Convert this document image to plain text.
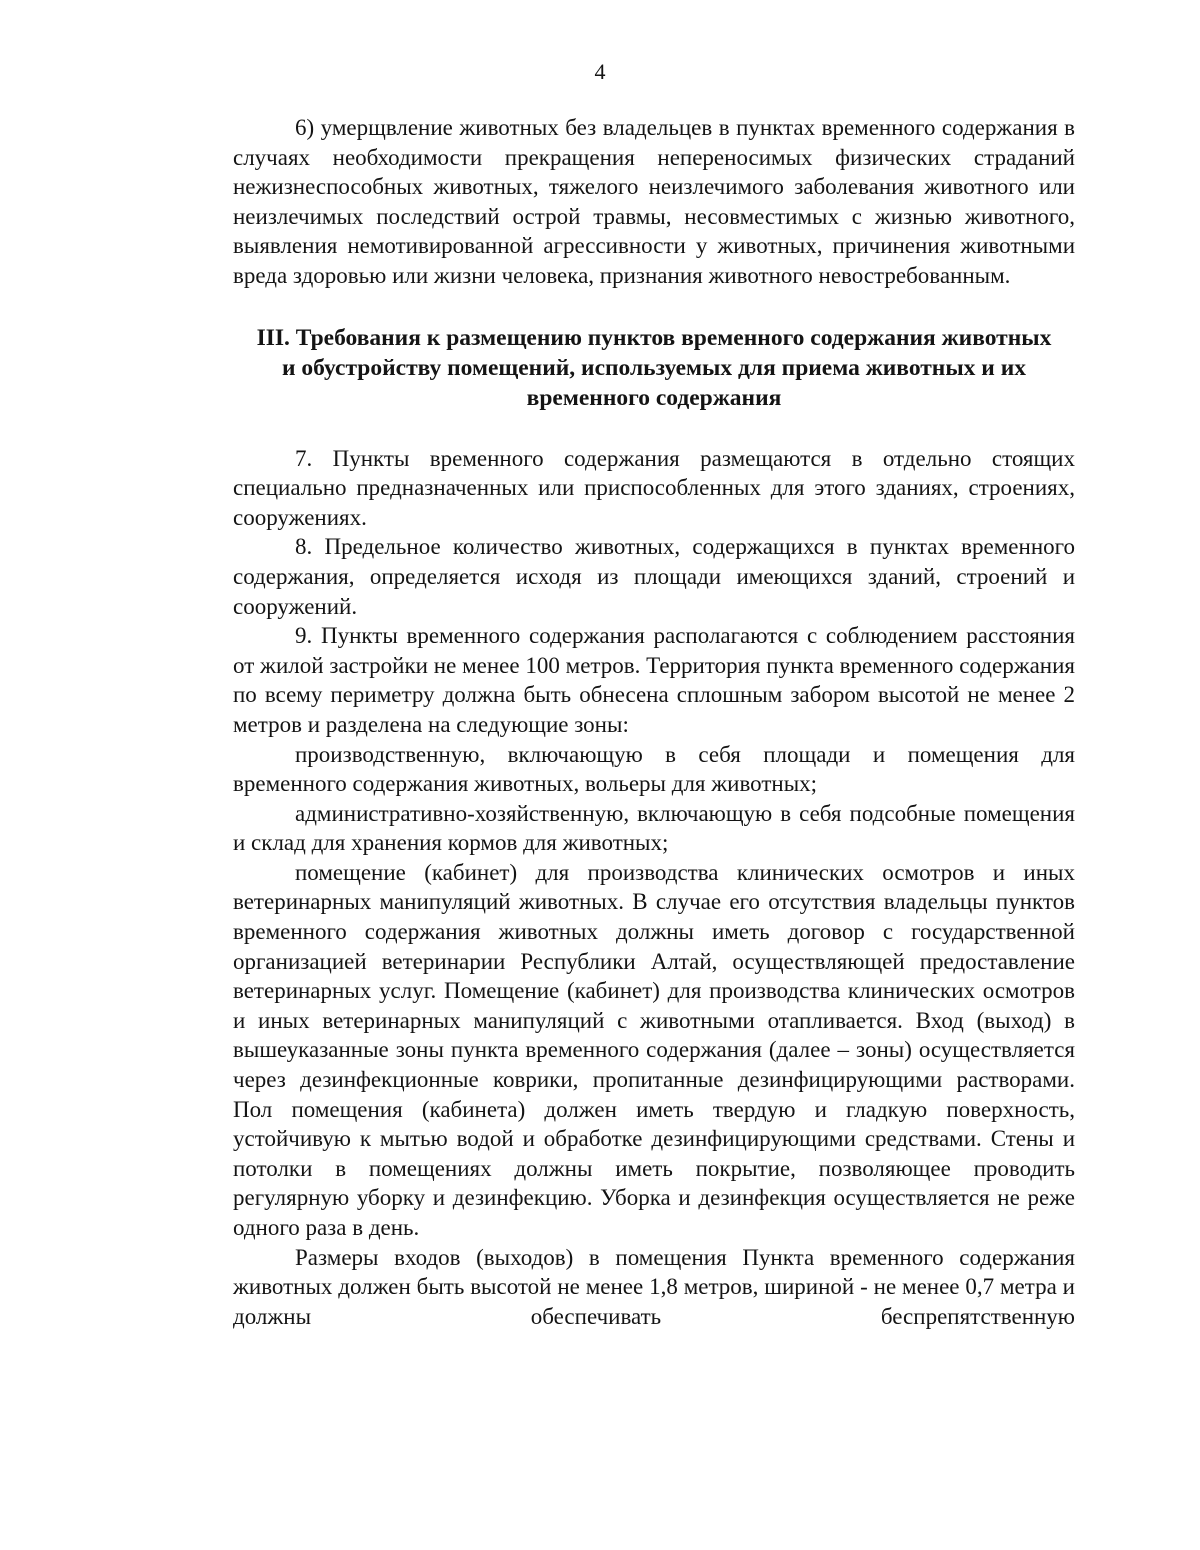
4

6) умерщвление животных без владельцев в пунктах временного содержания в случаях необходимости прекращения непереносимых физических страданий нежизнеспособных животных, тяжелого неизлечимого заболевания животного или неизлечимых последствий острой травмы, несовместимых с жизнью животного, выявления немотивированной агрессивности у животных, причинения животными вреда здоровью или жизни человека, признания животного невостребованным.

III. Требования к размещению пунктов временного содержания животных и обустройству помещений, используемых для приема животных и их временного содержания

7. Пункты временного содержания размещаются в отдельно стоящих специально предназначенных или приспособленных для этого зданиях, строениях, сооружениях.

8. Предельное количество животных, содержащихся в пунктах временного содержания, определяется исходя из площади имеющихся зданий, строений и сооружений.

9. Пункты временного содержания располагаются с соблюдением расстояния от жилой застройки не менее 100 метров. Территория пункта временного содержания по всему периметру должна быть обнесена сплошным забором высотой не менее 2 метров и разделена на следующие зоны:

производственную, включающую в себя площади и помещения для временного содержания животных, вольеры для животных;

административно-хозяйственную, включающую в себя подсобные помещения и склад для хранения кормов для животных;

помещение (кабинет) для производства клинических осмотров и иных ветеринарных манипуляций животных. В случае его отсутствия владельцы пунктов временного содержания животных должны иметь договор с государственной организацией ветеринарии Республики Алтай, осуществляющей предоставление ветеринарных услуг. Помещение (кабинет) для производства клинических осмотров и иных ветеринарных манипуляций с животными отапливается. Вход (выход) в вышеуказанные зоны пункта временного содержания (далее – зоны) осуществляется через дезинфекционные коврики, пропитанные дезинфицирующими растворами. Пол помещения (кабинета) должен иметь твердую и гладкую поверхность, устойчивую к мытью водой и обработке дезинфицирующими средствами. Стены и потолки в помещениях должны иметь покрытие, позволяющее проводить регулярную уборку и дезинфекцию. Уборка и дезинфекция осуществляется не реже одного раза в день.

Размеры входов (выходов) в помещения Пункта временного содержания животных должен быть высотой не менее 1,8 метров, шириной - не менее 0,7 метра и должны обеспечивать беспрепятственную
